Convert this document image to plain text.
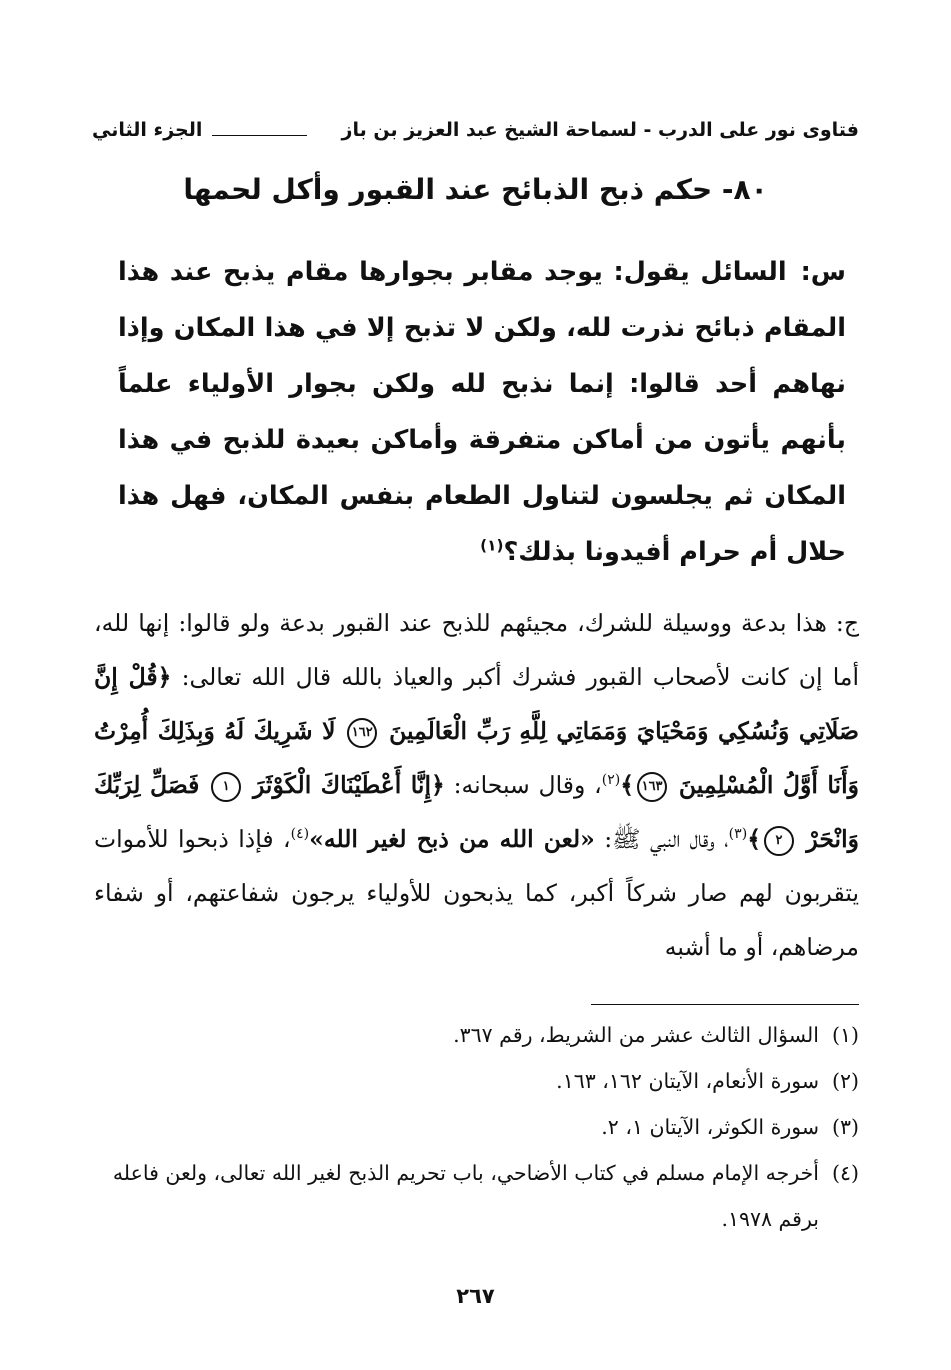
فتاوى نور على الدرب - لسماحة الشيخ عبد العزيز بن باز
الجزء الثاني
٨٠- حكم ذبح الذبائح عند القبور وأكل لحمها
س:السائل يقول: يوجد مقابر بجوارها مقام يذبح عند هذا المقام ذبائح نذرت لله، ولكن لا تذبح إلا في هذا المكان وإذا نهاهم أحد قالوا: إنما نذبح لله ولكن بجوار الأولياء علماً بأنهم يأتون من أماكن متفرقة وأماكن بعيدة للذبح في هذا المكان ثم يجلسون لتناول الطعام بنفس المكان، فهل هذا حلال أم حرام أفيدونا بذلك؟$^{(١)}$
ج: هذا بدعة ووسيلة للشرك، مجيئهم للذبح عند القبور بدعة ولو قالوا: إنها لله، أما إن كانت لأصحاب القبور فشرك أكبر والعياذ بالله قال الله تعالى: ﴿قُلْ إِنَّ صَلَاتِي وَنُسُكِي وَمَحْيَايَ وَمَمَاتِي لِلَّهِ رَبِّ الْعَالَمِينَ ١٦٢ لَا شَرِيكَ لَهُ وَبِذَلِكَ أُمِرْتُ وَأَنَا أَوَّلُ الْمُسْلِمِينَ ١٦٣﴾$^{(٢)}$، وقال سبحانه: ﴿إِنَّا أَعْطَيْنَاكَ الْكَوْثَرَ ١ فَصَلِّ لِرَبِّكَ وَانْحَرْ ٢﴾$^{(٣)}$، وقال النبي ﷺ: «لعن الله من ذبح لغير الله»$^{(٤)}$، فإذا ذبحوا للأموات يتقربون لهم صار شركاً أكبر، كما يذبحون للأولياء يرجون شفاعتهم، أو شفاء مرضاهم، أو ما أشبه
(١)السؤال الثالث عشر من الشريط، رقم ٣٦٧.
(٢)سورة الأنعام، الآيتان ١٦٢، ١٦٣.
(٣)سورة الكوثر، الآيتان ١، ٢.
(٤)أخرجه الإمام مسلم في كتاب الأضاحي، باب تحريم الذبح لغير الله تعالى، ولعن فاعله برقم ١٩٧٨.
٢٦٧
